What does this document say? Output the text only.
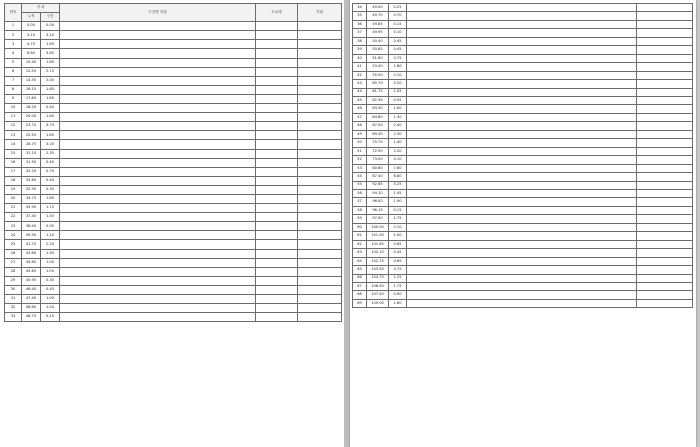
번호	거 리		구간별 지점	도로명	기타
	누적	구간			
1	0.00	0.00			
2	3.10	3.10			
3	4.75	1.65			
4	8.60	3.85			
5	10.40	1.80			
6	12.55	2.15			
7	14.55	2.00			
8	16.15	1.60			
9	17.80	1.65			
10	18.20	0.40			
11	20.00	1.80			
12	23.70	3.70			
13	25.55	1.85			
14	28.75	3.20			
15	31.10	2.35			
16	31.50	0.40			
17	32.20	0.70			
18	32.60	0.40			
19	32.95	0.35			
20	34.75	1.80			
21	35.90	1.15			
22	37.45	1.55			
23	38.40	0.95			
24	39.50	1.10			
25	41.70	2.20			
26	43.60	1.90			
27	44.60	1.00			
28	45.65	1.05			
29	45.95	0.30			
30	46.40	0.45			
31	47.40	1.00			
32	48.60	1.20			
33	48.75	0.15			
34	49.00	0.25		
35	49.70	0.70		
36	49.85	0.15		
37	49.95	0.10		
38	50.40	0.45		
39	50.85	0.45		
40	51.60	0.75		
41	53.40	1.80		
42	55.50	2.10		
43	60.70	5.20		
44	61.75	1.05		
45	62.30	0.55		
46	63.30	1.00		
47	64.60	1.30		
48	67.00	2.40		
49	69.30	2.30		
50	70.70	1.40		
51	72.90	2.20		
52	73.00	0.10		
53	80.60	7.60		
54	87.40	6.80		
55	92.65	5.25		
56	94.10	1.45		
57	96.00	1.90		
58	96.15	0.15		
59	97.90	1.75		
60	100.00	2.10		
61	101.00	1.00		
62	101.65	0.65		
63	102.10	0.45		
64	102.75	0.65		
65	103.50	0.75		
66	104.75	1.25		
67	106.50	1.75		
68	107.40	0.90		
69	109.00	1.60		
